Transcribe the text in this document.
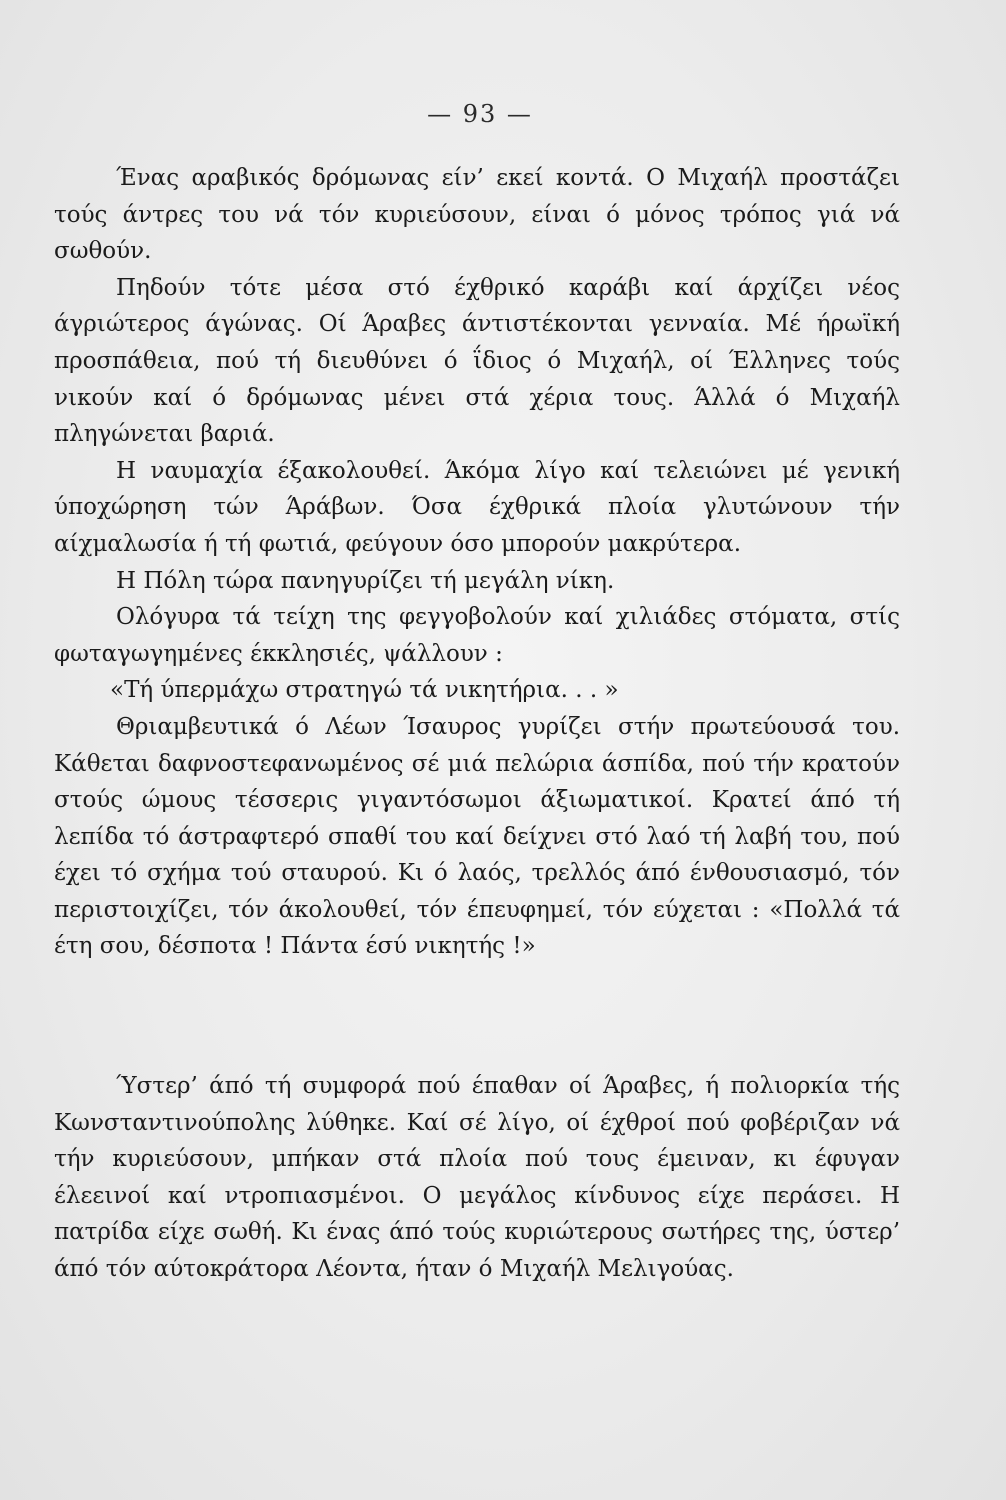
— 93 —

Ένας αραβικός δρόμωνας είν’ εκεί κοντά. Ο Μιχαήλ προστάζει τούς άντρες του νά τόν κυριεύσουν, είναι ό μόνος τρόπος γιά νά σωθούν.

Πηδούν τότε μέσα στό έχθρικό καράβι καί άρχίζει νέος άγριώτερος άγώνας. Οί Άραβες άντιστέκονται γενναία. Μέ ήρωϊκή προσπάθεια, πού τή διευθύνει ό ΐδιος ό Μιχαήλ, οί Έλληνες τούς νικούν καί ό δρόμωνας μένει στά χέρια τους. Άλλά ό Μιχαήλ πληγώνεται βαριά.

Η ναυμαχία έξακολουθεί. Άκόμα λίγο καί τελειώνει μέ γενική ύποχώρηση τών Άράβων. Όσα έχθρικά πλοία γλυτώνουν τήν αίχμαλωσία ή τή φωτιά, φεύγουν όσο μπορούν μακρύτερα.

Η Πόλη τώρα πανηγυρίζει τή μεγάλη νίκη.

Ολόγυρα τά τείχη της φεγγοβολούν καί χιλιάδες στόματα, στίς φωταγωγημένες έκκλησιές, ψάλλουν :

«Τή ύπερμάχω στρατηγώ τά νικητήρια. . . »

Θριαμβευτικά ό Λέων Ίσαυρος γυρίζει στήν πρωτεύουσά του. Κάθεται δαφνοστεφανωμένος σέ μιά πελώρια άσπίδα, πού τήν κρατούν στούς ώμους τέσσερις γιγαντόσωμοι άξιωματικοί. Κρατεί άπό τή λεπίδα τό άστραφτερό σπαθί του καί δείχνει στό λαό τή λαβή του, πού έχει τό σχήμα τού σταυρού. Κι ό λαός, τρελλός άπό ένθουσιασμό, τόν περιστοιχίζει, τόν άκολουθεί, τόν έπευφημεί, τόν εύχεται : «Πολλά τά έτη σου, δέσποτα ! Πάντα έσύ νικητής !»

Ύστερ’ άπό τή συμφορά πού έπαθαν οί Άραβες, ή πολιορκία τής Κωνσταντινούπολης λύθηκε. Καί σέ λίγο, οί έχθροί πού φοβέριζαν νά τήν κυριεύσουν, μπήκαν στά πλοία πού τους έμειναν, κι έφυγαν έλεεινοί καί ντροπιασμένοι. Ο μεγάλος κίνδυνος είχε περάσει. Η πατρίδα είχε σωθή. Κι ένας άπό τούς κυριώτερους σωτήρες της, ύστερ’ άπό τόν αύτοκράτορα Λέοντα, ήταν ό Μιχαήλ Μελιγούας.
